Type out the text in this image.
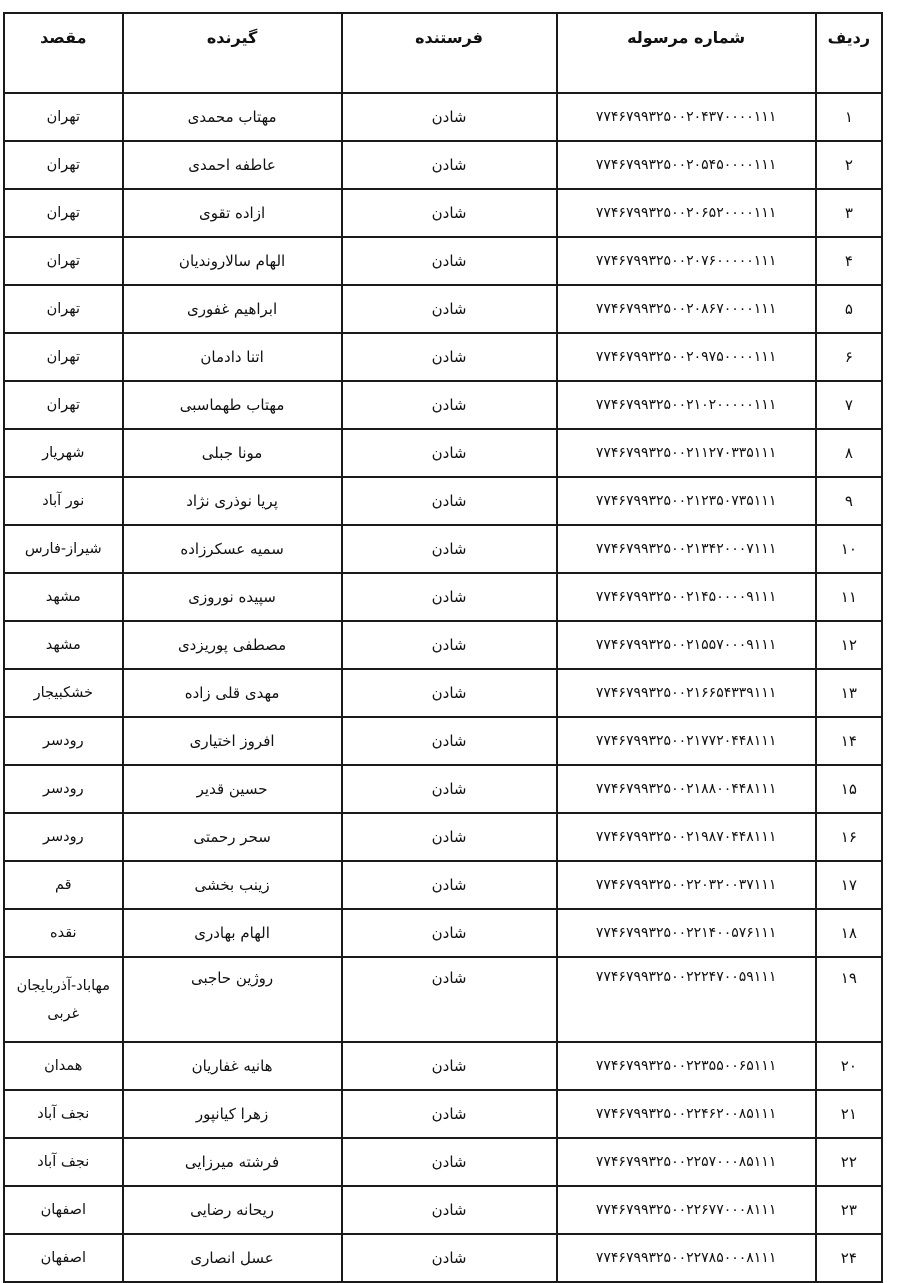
ردیف	شماره مرسوله	فرستنده	گیرنده	مقصد
۱	۷۷۴۶۷۹۹۳۲۵۰۰۲۰۴۳۷۰۰۰۰۱۱۱	شادن	مهتاب محمدی	تهران
۲	۷۷۴۶۷۹۹۳۲۵۰۰۲۰۵۴۵۰۰۰۰۱۱۱	شادن	عاطفه احمدی	تهران
۳	۷۷۴۶۷۹۹۳۲۵۰۰۲۰۶۵۲۰۰۰۰۱۱۱	شادن	ازاده تقوی	تهران
۴	۷۷۴۶۷۹۹۳۲۵۰۰۲۰۷۶۰۰۰۰۰۱۱۱	شادن	الهام سالاروندیان	تهران
۵	۷۷۴۶۷۹۹۳۲۵۰۰۲۰۸۶۷۰۰۰۰۱۱۱	شادن	ابراهیم غفوری	تهران
۶	۷۷۴۶۷۹۹۳۲۵۰۰۲۰۹۷۵۰۰۰۰۱۱۱	شادن	اتنا دادمان	تهران
۷	۷۷۴۶۷۹۹۳۲۵۰۰۲۱۰۲۰۰۰۰۰۱۱۱	شادن	مهتاب طهماسبی	تهران
۸	۷۷۴۶۷۹۹۳۲۵۰۰۲۱۱۲۷۰۳۳۵۱۱۱	شادن	مونا جبلی	شهریار
۹	۷۷۴۶۷۹۹۳۲۵۰۰۲۱۲۳۵۰۷۳۵۱۱۱	شادن	پریا نوذری نژاد	نور آباد
۱۰	۷۷۴۶۷۹۹۳۲۵۰۰۲۱۳۴۲۰۰۰۷۱۱۱	شادن	سمیه عسکرزاده	شیراز-فارس
۱۱	۷۷۴۶۷۹۹۳۲۵۰۰۲۱۴۵۰۰۰۰۹۱۱۱	شادن	سپیده نوروزی	مشهد
۱۲	۷۷۴۶۷۹۹۳۲۵۰۰۲۱۵۵۷۰۰۰۹۱۱۱	شادن	مصطفی پوریزدی	مشهد
۱۳	۷۷۴۶۷۹۹۳۲۵۰۰۲۱۶۶۵۴۳۳۹۱۱۱	شادن	مهدی قلی زاده	خشکبیجار
۱۴	۷۷۴۶۷۹۹۳۲۵۰۰۲۱۷۷۲۰۴۴۸۱۱۱	شادن	افروز اختیاری	رودسر
۱۵	۷۷۴۶۷۹۹۳۲۵۰۰۲۱۸۸۰۰۴۴۸۱۱۱	شادن	حسین قدیر	رودسر
۱۶	۷۷۴۶۷۹۹۳۲۵۰۰۲۱۹۸۷۰۴۴۸۱۱۱	شادن	سحر رحمتی	رودسر
۱۷	۷۷۴۶۷۹۹۳۲۵۰۰۲۲۰۳۲۰۰۳۷۱۱۱	شادن	زینب بخشی	قم
۱۸	۷۷۴۶۷۹۹۳۲۵۰۰۲۲۱۴۰۰۵۷۶۱۱۱	شادن	الهام بهادری	نقده
۱۹	۷۷۴۶۷۹۹۳۲۵۰۰۲۲۲۴۷۰۰۵۹۱۱۱	شادن	روژین حاجبی	مهاباد-آذربایجان غربی
۲۰	۷۷۴۶۷۹۹۳۲۵۰۰۲۲۳۵۵۰۰۶۵۱۱۱	شادن	هانیه غفاریان	همدان
۲۱	۷۷۴۶۷۹۹۳۲۵۰۰۲۲۴۶۲۰۰۸۵۱۱۱	شادن	زهرا کیانپور	نجف آباد
۲۲	۷۷۴۶۷۹۹۳۲۵۰۰۲۲۵۷۰۰۰۸۵۱۱۱	شادن	فرشته میرزایی	نجف آباد
۲۳	۷۷۴۶۷۹۹۳۲۵۰۰۲۲۶۷۷۰۰۰۸۱۱۱	شادن	ریحانه رضایی	اصفهان
۲۴	۷۷۴۶۷۹۹۳۲۵۰۰۲۲۷۸۵۰۰۰۸۱۱۱	شادن	عسل انصاری	اصفهان
